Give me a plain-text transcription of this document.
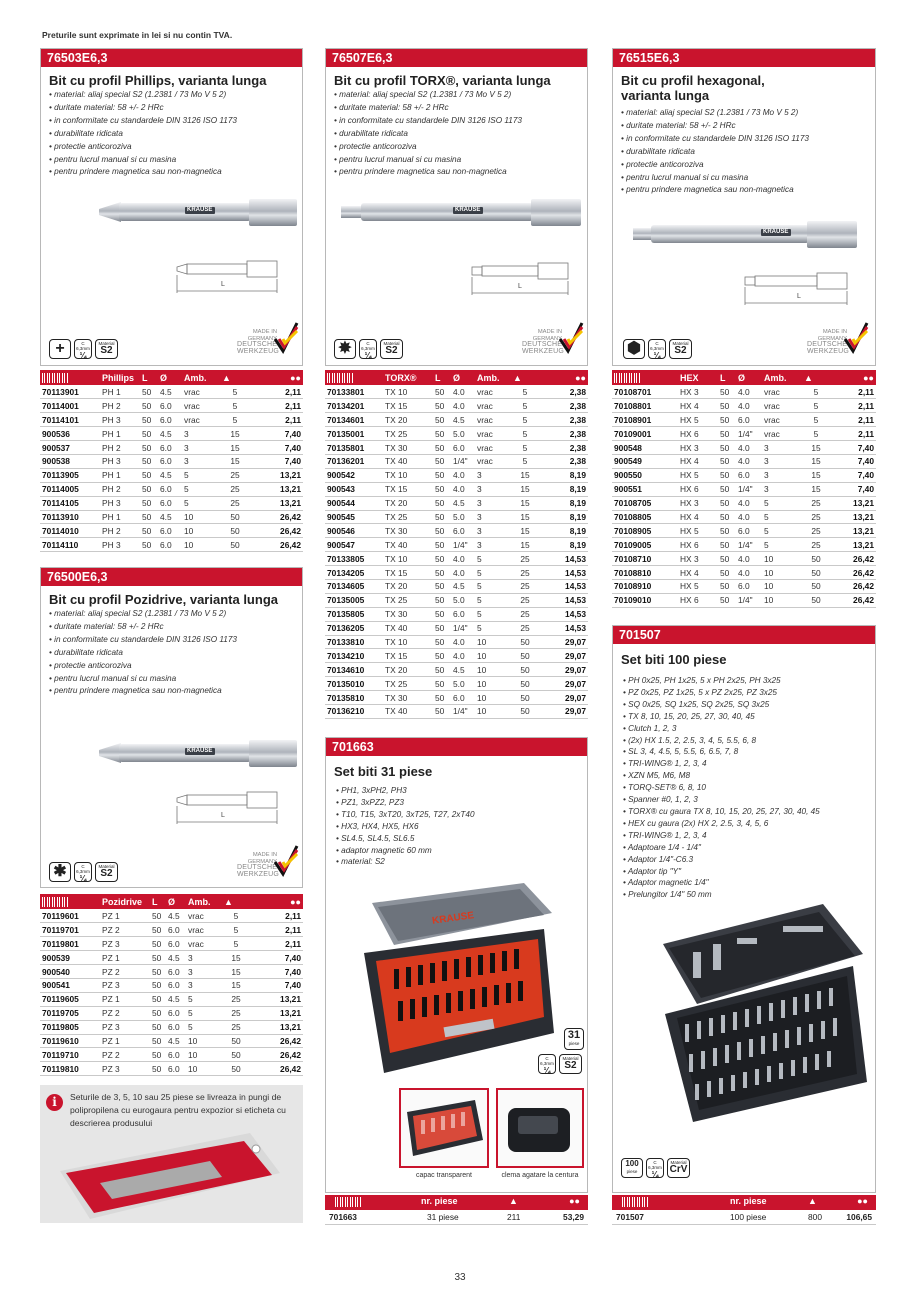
Preturile sunt exprimate in lei si nu contin TVA.
76503E6,3
Bit cu profil Phillips, varianta lunga
• material: aliaj special S2 (1.2381 / 73 Mo V 5 2)
• duritate material: 58 +/- 2 HRc
• in conformitate cu standardele DIN 3126 ISO 1173
• durabilitate ridicata
• protectie anticoroziva
• pentru lucrul manual si cu masina
• pentru prindere magnetica sau non-magnetica
KRAUSE
L
+	C 6,3mm
¼
Material
S2
MADE IN GERMANY
DEUTSCHES
WERKZEUG
	Phillips	L	Ø	Amb.	▲	●●
70113901	PH 1	50	4.5	vrac	5	2,11
70114001	PH 2	50	6.0	vrac	5	2,11
70114101	PH 3	50	6.0	vrac	5	2,11
900536	PH 1	50	4.5	3	15	7,40
900537	PH 2	50	6.0	3	15	7,40
900538	PH 3	50	6.0	3	15	7,40
70113905	PH 1	50	4.5	5	25	13,21
70114005	PH 2	50	6.0	5	25	13,21
70114105	PH 3	50	6.0	5	25	13,21
70113910	PH 1	50	4.5	10	50	26,42
70114010	PH 2	50	6.0	10	50	26,42
70114110	PH 3	50	6.0	10	50	26,42
76500E6,3
Bit cu profil Pozidrive, varianta lunga
• material: aliaj special S2 (1.2381 / 73 Mo V 5 2)
• duritate material: 58 +/- 2 HRc
• in conformitate cu standardele DIN 3126 ISO 1173
• durabilitate ridicata
• protectie anticoroziva
• pentru lucrul manual si cu masina
• pentru prindere magnetica sau non-magnetica
KRAUSE
L
✱	C 6,3mm
¼
Material
S2
MADE IN GERMANY
DEUTSCHES
WERKZEUG
	Pozidrive	L	Ø	Amb.	▲	●●
70119601	PZ 1	50	4.5	vrac	5	2,11
70119701	PZ 2	50	6.0	vrac	5	2,11
70119801	PZ 3	50	6.0	vrac	5	2,11
900539	PZ 1	50	4.5	3	15	7,40
900540	PZ 2	50	6.0	3	15	7,40
900541	PZ 3	50	6.0	3	15	7,40
70119605	PZ 1	50	4.5	5	25	13,21
70119705	PZ 2	50	6.0	5	25	13,21
70119805	PZ 3	50	6.0	5	25	13,21
70119610	PZ 1	50	4.5	10	50	26,42
70119710	PZ 2	50	6.0	10	50	26,42
70119810	PZ 3	50	6.0	10	50	26,42
i	Seturile de 3, 5, 10 sau 25 piese se livreaza in pungi de polipropilena cu eurogaura pentru expozior si eticheta cu descrierea produsului
76507E6,3
Bit cu profil TORX®, varianta lunga
• material: aliaj special S2 (1.2381 / 73 Mo V 5 2)
• duritate material: 58 +/- 2 HRc
• in conformitate cu standardele DIN 3126 ISO 1173
• durabilitate ridicata
• protectie anticoroziva
• pentru lucrul manual si cu masina
• pentru prindere magnetica sau non-magnetica
KRAUSE
L
✸	C 6,3mm
¼
Material
S2
MADE IN GERMANY
DEUTSCHES
WERKZEUG
	TORX®	L	Ø	Amb.	▲	●●
70133801	TX 10	50	4.0	vrac	5	2,38
70134201	TX 15	50	4.0	vrac	5	2,38
70134601	TX 20	50	4.5	vrac	5	2,38
70135001	TX 25	50	5.0	vrac	5	2,38
70135801	TX 30	50	6.0	vrac	5	2,38
70136201	TX 40	50	1/4"	vrac	5	2,38
900542	TX 10	50	4.0	3	15	8,19
900543	TX 15	50	4.0	3	15	8,19
900544	TX 20	50	4.5	3	15	8,19
900545	TX 25	50	5.0	3	15	8,19
900546	TX 30	50	6.0	3	15	8,19
900547	TX 40	50	1/4"	3	15	8,19
70133805	TX 10	50	4.0	5	25	14,53
70134205	TX 15	50	4.0	5	25	14,53
70134605	TX 20	50	4.5	5	25	14,53
70135005	TX 25	50	5.0	5	25	14,53
70135805	TX 30	50	6.0	5	25	14,53
70136205	TX 40	50	1/4"	5	25	14,53
70133810	TX 10	50	4.0	10	50	29,07
70134210	TX 15	50	4.0	10	50	29,07
70134610	TX 20	50	4.5	10	50	29,07
70135010	TX 25	50	5.0	10	50	29,07
70135810	TX 30	50	6.0	10	50	29,07
70136210	TX 40	50	1/4"	10	50	29,07
701663
Set biti 31 piese
• PH1, 3xPH2, PH3
• PZ1, 3xPZ2, PZ3
• T10, T15, 3xT20, 3xT25, T27, 2xT40
• HX3, HX4, HX5, HX6
• SL4.5, SL4.5, SL6.5
• adaptor magnetic 60 mm
• material: S2
KRAUSE
31
piese
C 6,3mm
¼
Material
S2
capac transparent	clema agatare la centura
nr. piese	▲	●●
701663	31 piese	211	53,29
76515E6,3
Bit cu profil hexagonal,
varianta lunga
• material: aliaj special S2 (1.2381 / 73 Mo V 5 2)
• duritate material: 58 +/- 2 HRc
• in conformitate cu standardele DIN 3126 ISO 1173
• durabilitate ridicata
• protectie anticoroziva
• pentru lucrul manual si cu masina
• pentru prindere magnetica sau non-magnetica
KRAUSE
L
⬢	C 6,3mm
¼
Material
S2
MADE IN GERMANY
DEUTSCHES
WERKZEUG
	HEX	L	Ø	Amb.	▲	●●
70108701	HX 3	50	4.0	vrac	5	2,11
70108801	HX 4	50	4.0	vrac	5	2,11
70108901	HX 5	50	6.0	vrac	5	2,11
70109001	HX 6	50	1/4"	vrac	5	2,11
900548	HX 3	50	4.0	3	15	7,40
900549	HX 4	50	4.0	3	15	7,40
900550	HX 5	50	6.0	3	15	7,40
900551	HX 6	50	1/4"	3	15	7,40
70108705	HX 3	50	4.0	5	25	13,21
70108805	HX 4	50	4.0	5	25	13,21
70108905	HX 5	50	6.0	5	25	13,21
70109005	HX 6	50	1/4"	5	25	13,21
70108710	HX 3	50	4.0	10	50	26,42
70108810	HX 4	50	4.0	10	50	26,42
70108910	HX 5	50	6.0	10	50	26,42
70109010	HX 6	50	1/4"	10	50	26,42
701507
Set biti 100 piese
• PH 0x25, PH 1x25, 5 x PH 2x25, PH 3x25
• PZ 0x25, PZ 1x25, 5 x PZ 2x25, PZ 3x25
• SQ 0x25, SQ 1x25, SQ 2x25, SQ 3x25
• TX 8, 10, 15, 20, 25, 27, 30, 40, 45
• Clutch 1, 2, 3
• (2x) HX 1.5, 2, 2.5, 3, 4, 5, 5.5, 6, 8
• SL 3, 4, 4.5, 5, 5.5, 6, 6.5, 7, 8
• TRI-WING® 1, 2, 3, 4
• XZN M5, M6, M8
• TORQ-SET® 6, 8, 10
• Spanner #0, 1, 2, 3
• TORX® cu gaura TX 8, 10, 15, 20, 25, 27, 30, 40, 45
• HEX cu gaura (2x) HX 2, 2.5, 3, 4, 5, 6
• TRI-WING® 1, 2, 3, 4
• Adaptoare 1/4 - 1/4"
• Adaptor 1/4"-C6.3
• Adaptor tip "Y"
• Adaptor magnetic 1/4"
• Prelungitor 1/4" 50 mm
100
piese
C 6,3mm
¼
Material
CrV
nr. piese	▲	●●
701507	100 piese	800	106,65
33
